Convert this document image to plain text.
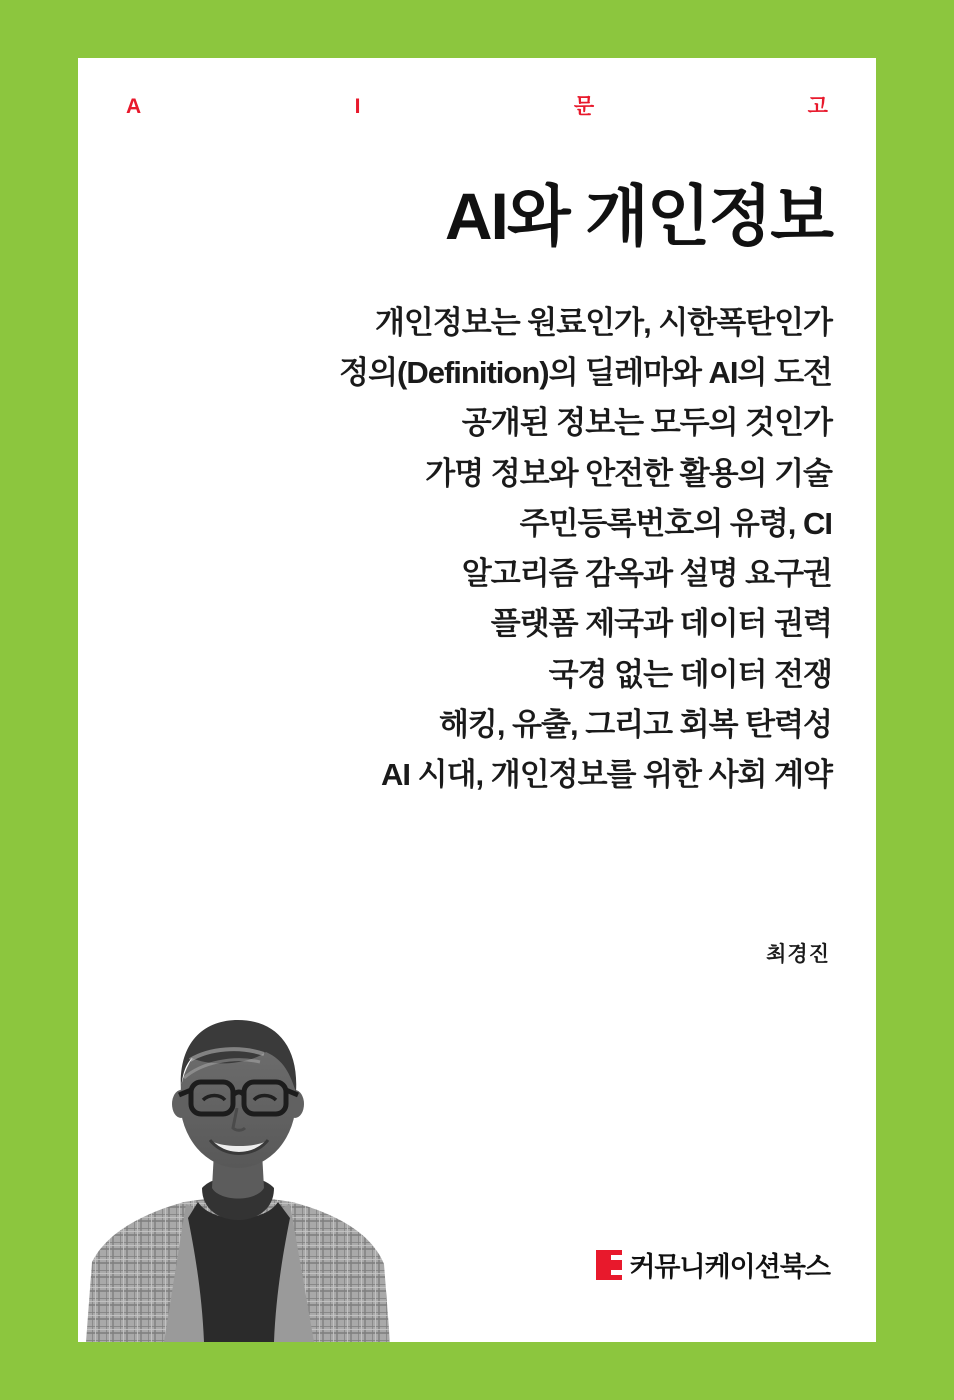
A	I	문	고
AI와 개인정보
개인정보는 원료인가, 시한폭탄인가
정의(Definition)의 딜레마와 AI의 도전
공개된 정보는 모두의 것인가
가명 정보와 안전한 활용의 기술
주민등록번호의 유령, CI
알고리즘 감옥과 설명 요구권
플랫폼 제국과 데이터 권력
국경 없는 데이터 전쟁
해킹, 유출, 그리고 회복 탄력성
AI 시대, 개인정보를 위한 사회 계약
최경진
커뮤니케이션북스
